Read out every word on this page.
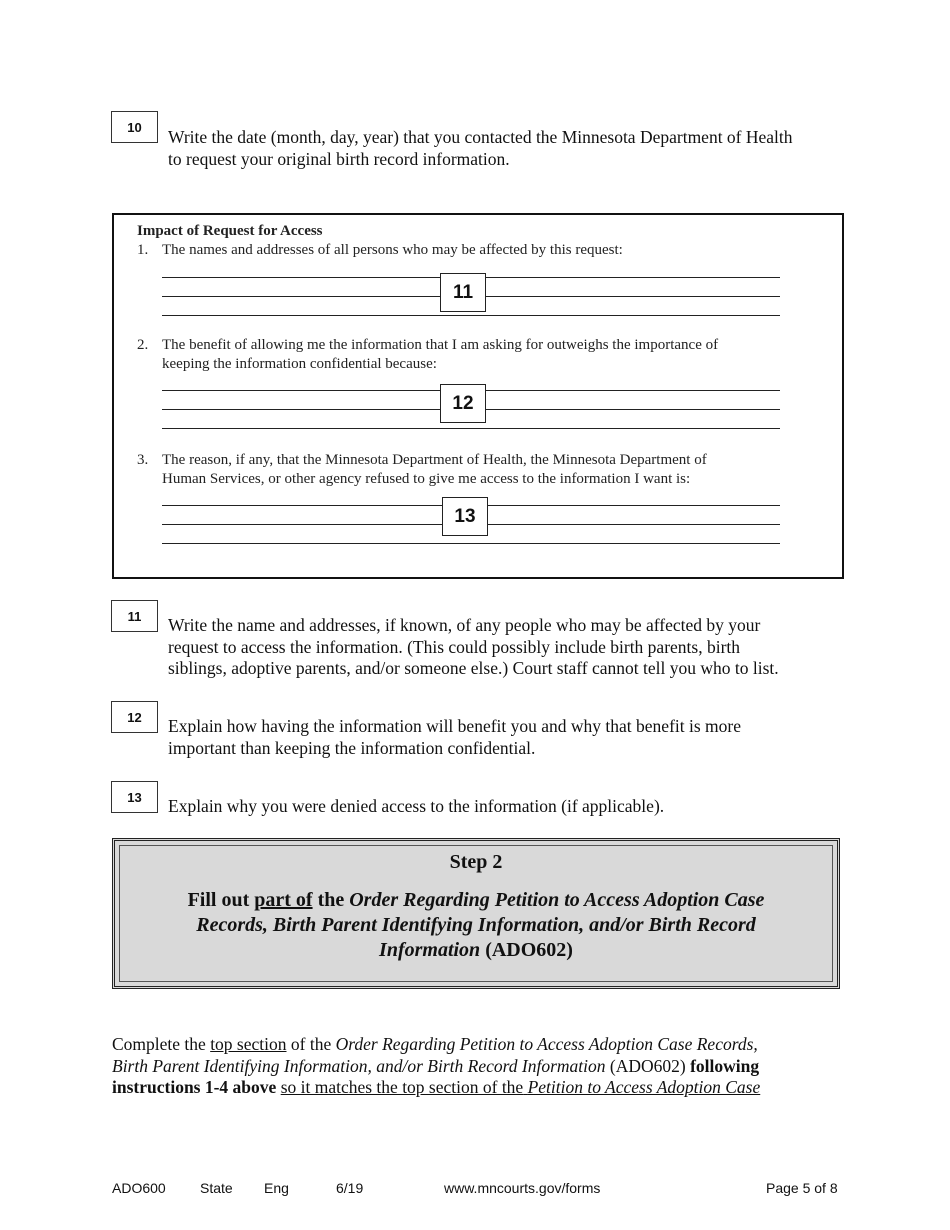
10	Write the date (month, day, year) that you contacted the Minnesota Department of Health
to request your original birth record information.
Impact of Request for Access
1. The names and addresses of all persons who may be affected by this request:
11
2. The benefit of allowing me the information that I am asking for outweighs the importance of
keeping the information confidential because:
12
3. The reason, if any, that the Minnesota Department of Health, the Minnesota Department of
Human Services, or other agency refused to give me access to the information I want is:
13
11	Write the name and addresses, if known, of any people who may be affected by your
request to access the information. (This could possibly include birth parents, birth
siblings, adoptive parents, and/or someone else.) Court staff cannot tell you who to list.
12	Explain how having the information will benefit you and why that benefit is more
important than keeping the information confidential.
13	Explain why you were denied access to the information (if applicable).
Step 2
Fill out part of the Order Regarding Petition to Access Adoption Case Records, Birth Parent Identifying Information, and/or Birth Record Information (ADO602)
Complete the top section of the Order Regarding Petition to Access Adoption Case Records,
Birth Parent Identifying Information, and/or Birth Record Information (ADO602) following
instructions 1-4 above so it matches the top section of the Petition to Access Adoption Case
ADO600 State Eng	6/19	www.mncourts.gov/forms	Page 5 of 8
